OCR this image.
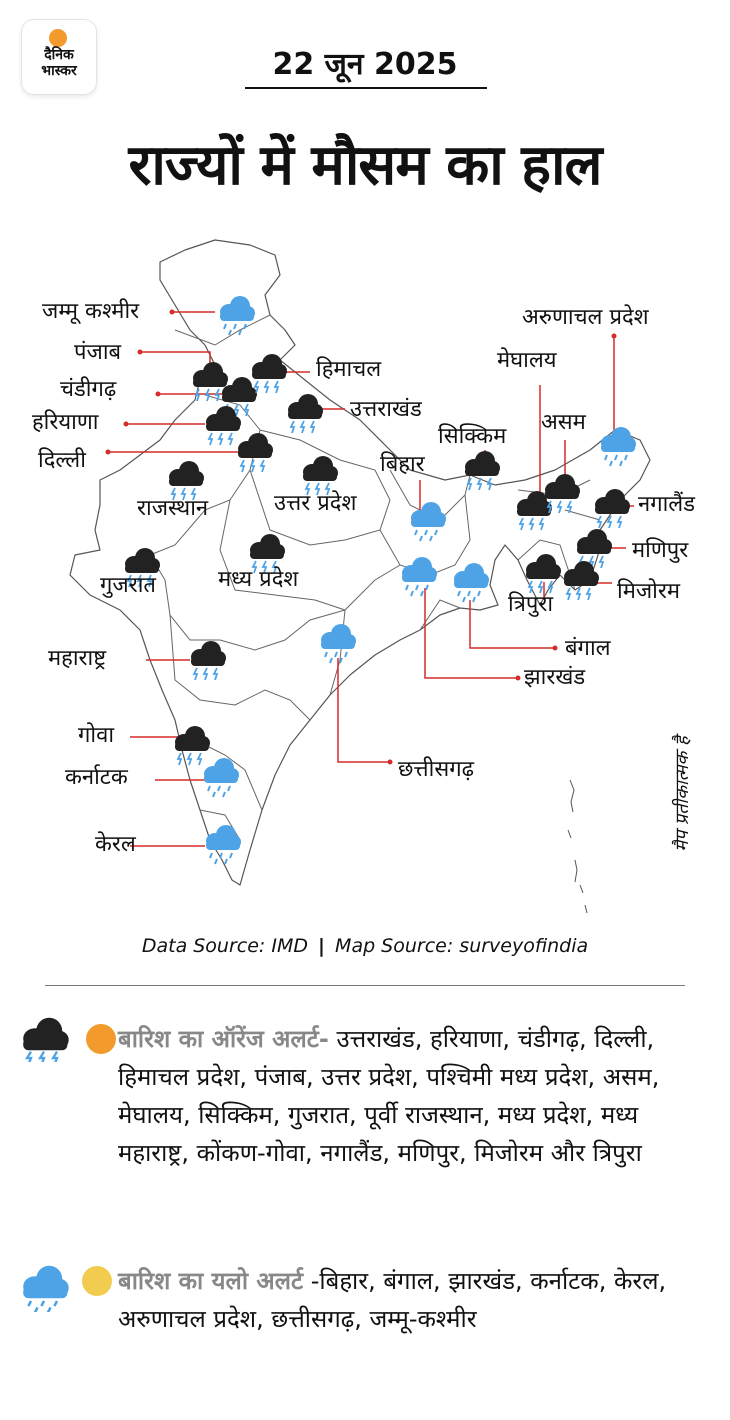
दैनिक
भास्कर	22 जून 2025
राज्यों में मौसम का हाल
जम्मू कश्मीर
पंजाब
चंडीगढ़
हरियाणा
दिल्ली
हिमाचल
उत्तराखंड
राजस्थान	उत्तर प्रदेश
बिहार
सिक्किम
मेघालय
असम
अरुणाचल प्रदेश
नगालैंड
मणिपुर
मिजोरम
त्रिपुरा
बंगाल
झारखंड
गुजरात	मध्य प्रदेश
छत्तीसगढ़
महाराष्ट्र
गोवा
कर्नाटक
केरल	मैप प्रतीकात्मक है
Data Source: IMD | Map Source: surveyofindia
बारिश का ऑरेंज अलर्ट- उत्तराखंड, हरियाणा, चंडीगढ़, दिल्ली, हिमाचल प्रदेश, पंजाब, उत्तर प्रदेश, पश्चिमी मध्य प्रदेश, असम, मेघालय, सिक्किम, गुजरात, पूर्वी राजस्थान, मध्य प्रदेश, मध्य महाराष्ट्र, कोंकण-गोवा, नगालैंड, मणिपुर, मिजोरम और त्रिपुरा
बारिश का यलो अलर्ट -बिहार, बंगाल, झारखंड, कर्नाटक, केरल, अरुणाचल प्रदेश, छत्तीसगढ़, जम्मू-कश्मीर
